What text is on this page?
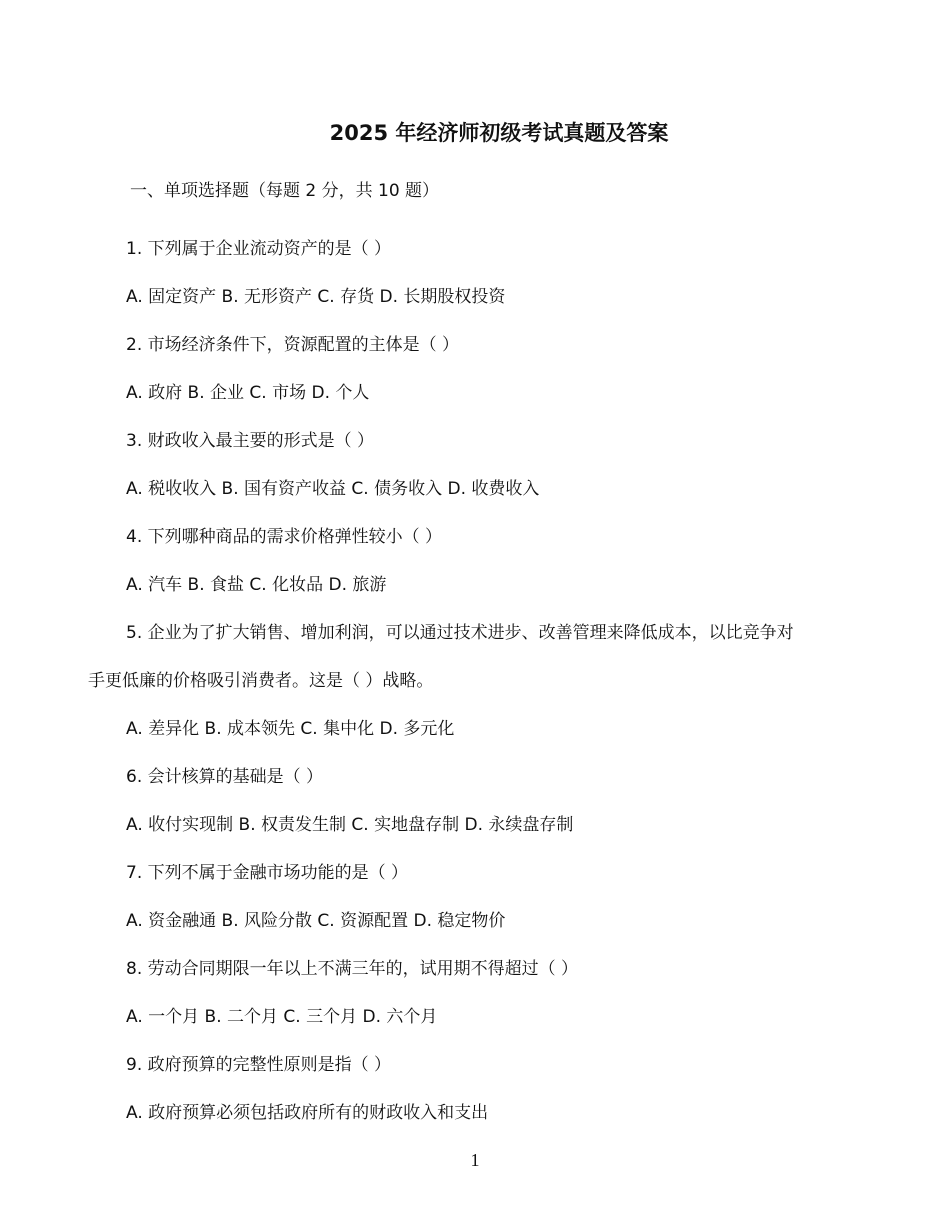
2025 年经济师初级考试真题及答案

一、单项选择题（每题 2 分，共 10 题）

1. 下列属于企业流动资产的是（ ）
A. 固定资产 B. 无形资产 C. 存货 D. 长期股权投资
2. 市场经济条件下，资源配置的主体是（ ）
A. 政府 B. 企业 C. 市场 D. 个人
3. 财政收入最主要的形式是（ ）
A. 税收收入 B. 国有资产收益 C. 债务收入 D. 收费收入
4. 下列哪种商品的需求价格弹性较小（ ）
A. 汽车 B. 食盐 C. 化妆品 D. 旅游
5. 企业为了扩大销售、增加利润，可以通过技术进步、改善管理来降低成本，以比竞争对
手更低廉的价格吸引消费者。这是（ ）战略。
A. 差异化 B. 成本领先 C. 集中化 D. 多元化
6. 会计核算的基础是（ ）
A. 收付实现制 B. 权责发生制 C. 实地盘存制 D. 永续盘存制
7. 下列不属于金融市场功能的是（ ）
A. 资金融通 B. 风险分散 C. 资源配置 D. 稳定物价
8. 劳动合同期限一年以上不满三年的，试用期不得超过（ ）
A. 一个月 B. 二个月 C. 三个月 D. 六个月
9. 政府预算的完整性原则是指（ ）
A. 政府预算必须包括政府所有的财政收入和支出
1
